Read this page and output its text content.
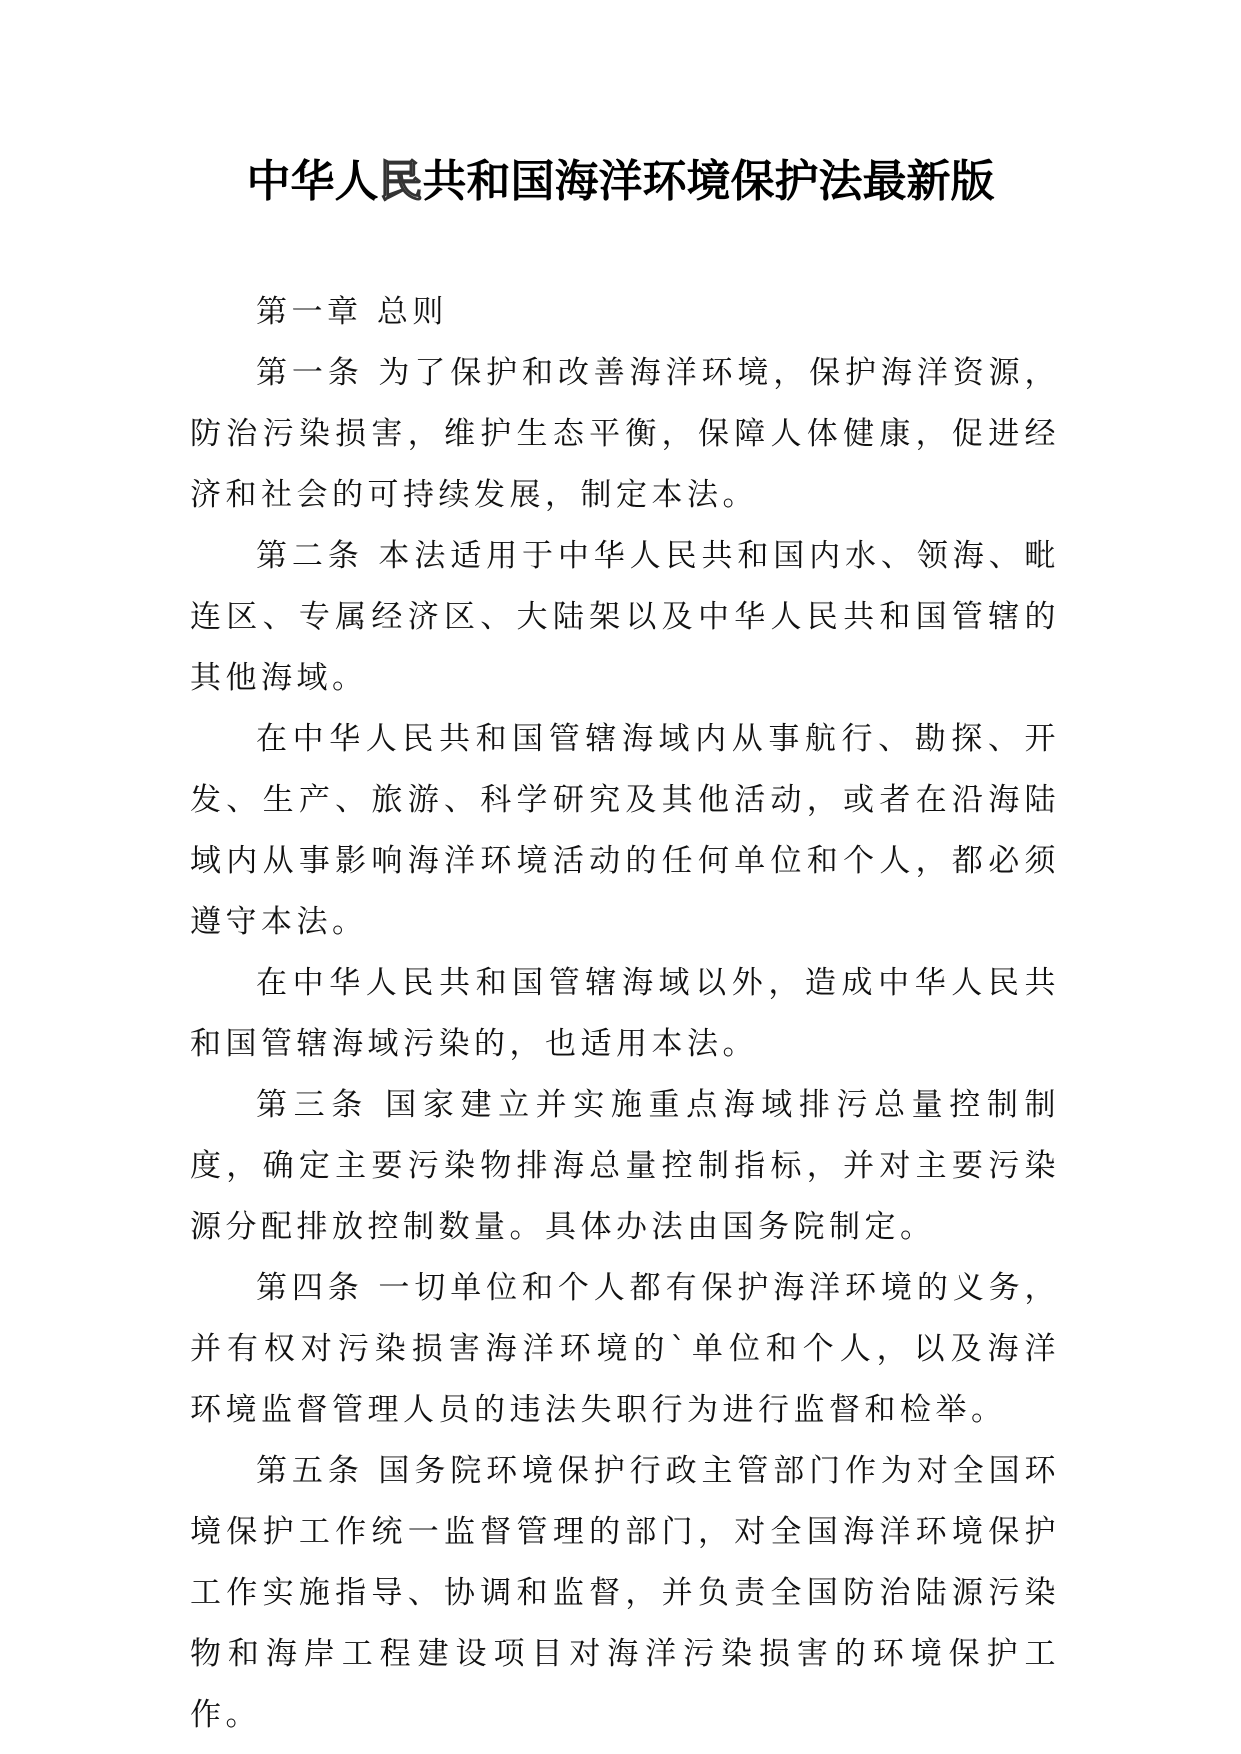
中华人民共和国海洋环境保护法最新版

第一章 总则

第一条 为了保护和改善海洋环境，保护海洋资源，防治污染损害，维护生态平衡，保障人体健康，促进经济和社会的可持续发展，制定本法。

第二条 本法适用于中华人民共和国内水、领海、毗连区、专属经济区、大陆架以及中华人民共和国管辖的其他海域。

在中华人民共和国管辖海域内从事航行、勘探、开发、生产、旅游、科学研究及其他活动，或者在沿海陆域内从事影响海洋环境活动的任何单位和个人，都必须遵守本法。

在中华人民共和国管辖海域以外，造成中华人民共和国管辖海域污染的，也适用本法。

第三条 国家建立并实施重点海域排污总量控制制度，确定主要污染物排海总量控制指标，并对主要污染源分配排放控制数量。具体办法由国务院制定。

第四条 一切单位和个人都有保护海洋环境的义务，并有权对污染损害海洋环境的`单位和个人，以及海洋环境监督管理人员的违法失职行为进行监督和检举。

第五条 国务院环境保护行政主管部门作为对全国环境保护工作统一监督管理的部门，对全国海洋环境保护工作实施指导、协调和监督，并负责全国防治陆源污染物和海岸工程建设项目对海洋污染损害的环境保护工作。
